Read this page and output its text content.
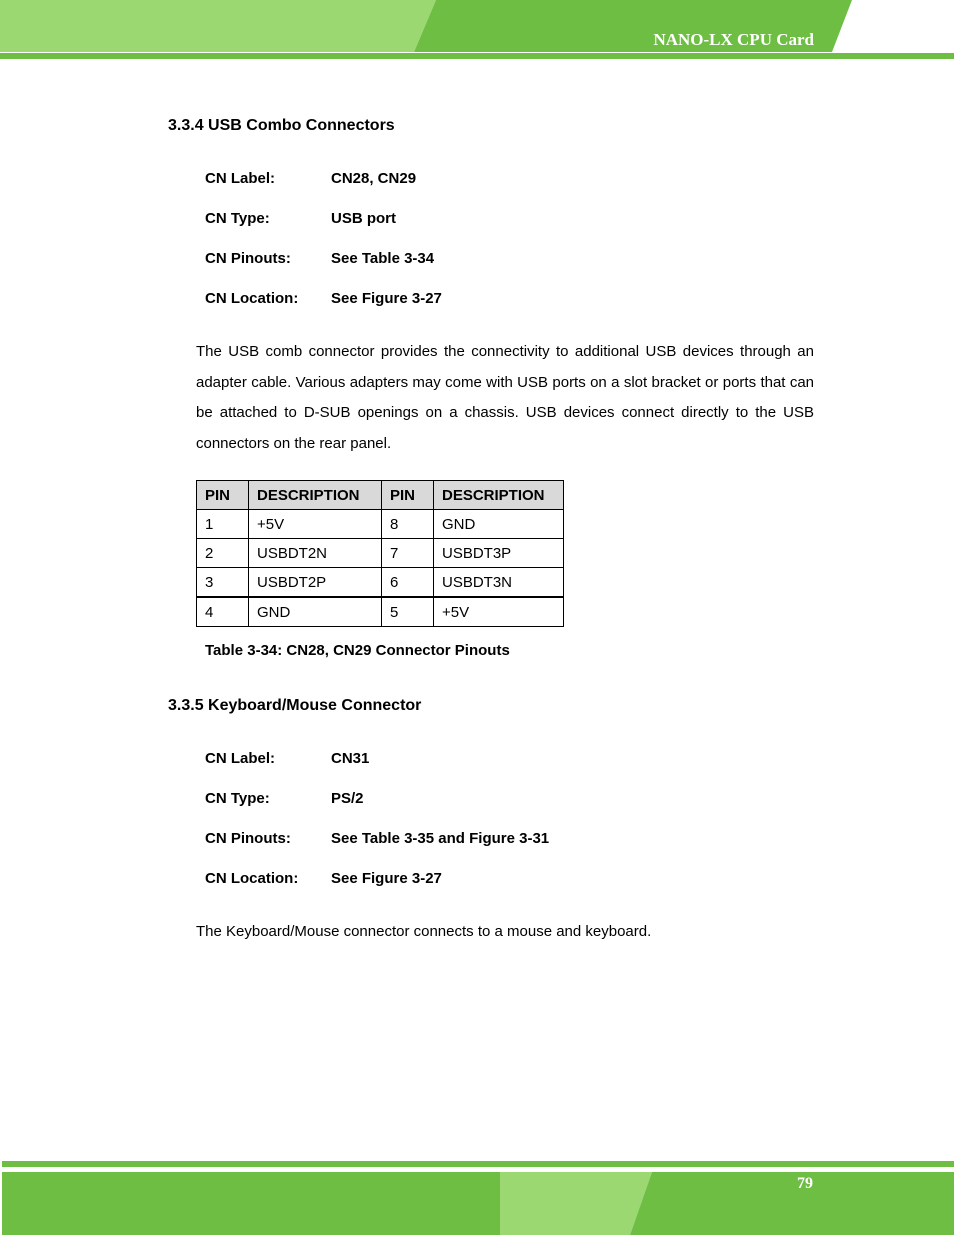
NANO-LX CPU Card
3.3.4 USB Combo Connectors
CN Label:	CN28, CN29
CN Type:	USB port
CN Pinouts:	See Table 3-34
CN Location: See Figure 3-27

The USB comb connector provides the connectivity to additional USB devices through an adapter cable. Various adapters may come with USB ports on a slot bracket or ports that can be attached to D-SUB openings on a chassis. USB devices connect directly to the USB connectors on the rear panel.

PIN	DESCRIPTION	PIN	DESCRIPTION
1	+5V	8	GND
2	USBDT2N	7	USBDT3P
3	USBDT2P	6	USBDT3N
4	GND	5	+5V
Table 3-34: CN28, CN29 Connector Pinouts
3.3.5 Keyboard/Mouse Connector
CN Label:	CN31
CN Type:	PS/2
CN Pinouts:	See Table 3-35 and Figure 3-31
CN Location: See Figure 3-27

The Keyboard/Mouse connector connects to a mouse and keyboard.

79
